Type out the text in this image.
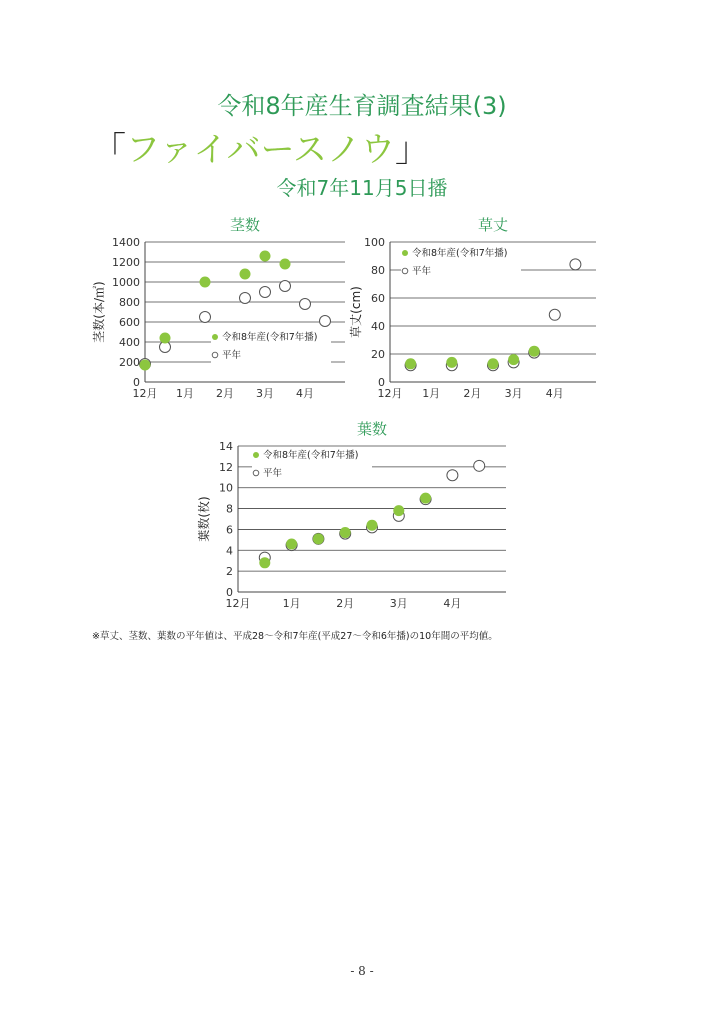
令和8年産生育調査結果(3)
「ファイバースノウ」
令和7年11月5日播
茎数
0
200
400
600
800
1000
1200
1400
12月 1月 2月 3月 4月
茎数(本/㎡)	令和8年産(令和7年播)
平年
草丈
0
20
40
60
80
100
12月 1月 2月 3月 4月
草丈(cm)
令和8年産(令和7年播)
平年
葉数
0
2
4
6
8
10
12
14
12月	1月	2月	3月	4月
葉数(枚)
令和8年産(令和7年播)
平年
※草丈、茎数、葉数の平年値は、平成28～令和7年産(平成27～令和6年播)の10年間の平均値。
- 8 -
